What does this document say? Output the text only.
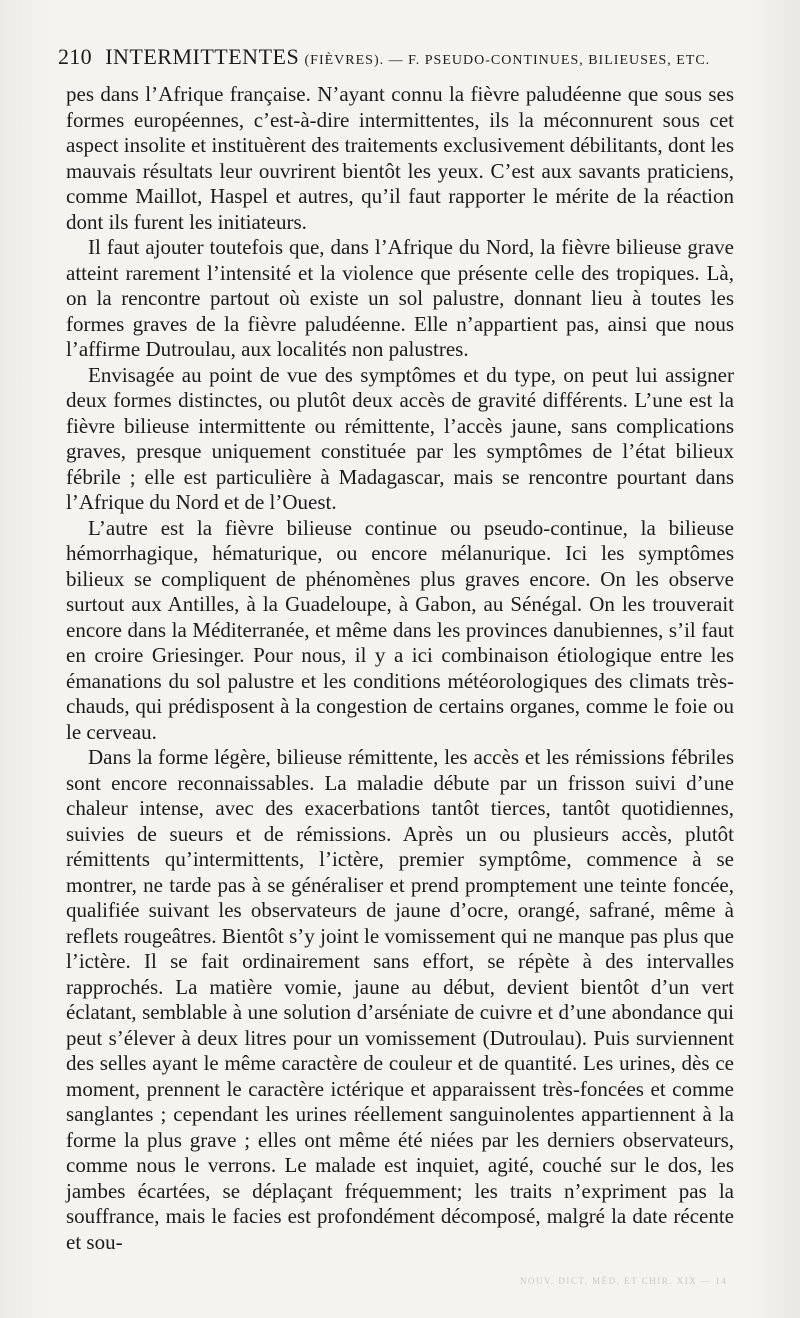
210 INTERMITTENTES (FIÈVRES). — F. PSEUDO-CONTINUES, BILIEUSES, ETC.

pes dans l’Afrique française. N’ayant connu la fièvre paludéenne que sous ses formes européennes, c’est-à-dire intermittentes, ils la méconnurent sous cet aspect insolite et instituèrent des traitements exclusivement débilitants, dont les mauvais résultats leur ouvrirent bientôt les yeux. C’est aux savants praticiens, comme Maillot, Haspel et autres, qu’il faut rapporter le mérite de la réaction dont ils furent les initiateurs.

Il faut ajouter toutefois que, dans l’Afrique du Nord, la fièvre bilieuse grave atteint rarement l’intensité et la violence que présente celle des tropiques. Là, on la rencontre partout où existe un sol palustre, donnant lieu à toutes les formes graves de la fièvre paludéenne. Elle n’appartient pas, ainsi que nous l’affirme Dutroulau, aux localités non palustres.

Envisagée au point de vue des symptômes et du type, on peut lui assigner deux formes distinctes, ou plutôt deux accès de gravité différents. L’une est la fièvre bilieuse intermittente ou rémittente, l’accès jaune, sans complications graves, presque uniquement constituée par les symptômes de l’état bilieux fébrile ; elle est particulière à Madagascar, mais se rencontre pourtant dans l’Afrique du Nord et de l’Ouest.

L’autre est la fièvre bilieuse continue ou pseudo-continue, la bilieuse hémorrhagique, hématurique, ou encore mélanurique. Ici les symptômes bilieux se compliquent de phénomènes plus graves encore. On les observe surtout aux Antilles, à la Guadeloupe, à Gabon, au Sénégal. On les trouverait encore dans la Méditerranée, et même dans les provinces danubiennes, s’il faut en croire Griesinger. Pour nous, il y a ici combinaison étiologique entre les émanations du sol palustre et les conditions météorologiques des climats très-chauds, qui prédisposent à la congestion de certains organes, comme le foie ou le cerveau.

Dans la forme légère, bilieuse rémittente, les accès et les rémissions fébriles sont encore reconnaissables. La maladie débute par un frisson suivi d’une chaleur intense, avec des exacerbations tantôt tierces, tantôt quotidiennes, suivies de sueurs et de rémissions. Après un ou plusieurs accès, plutôt rémittents qu’intermittents, l’ictère, premier symptôme, commence à se montrer, ne tarde pas à se généraliser et prend promptement une teinte foncée, qualifiée suivant les observateurs de jaune d’ocre, orangé, safrané, même à reflets rougeâtres. Bientôt s’y joint le vomissement qui ne manque pas plus que l’ictère. Il se fait ordinairement sans effort, se répète à des intervalles rapprochés. La matière vomie, jaune au début, devient bientôt d’un vert éclatant, semblable à une solution d’arséniate de cuivre et d’une abondance qui peut s’élever à deux litres pour un vomissement (Dutroulau). Puis surviennent des selles ayant le même caractère de couleur et de quantité. Les urines, dès ce moment, prennent le caractère ictérique et apparaissent très-foncées et comme sanglantes ; cependant les urines réellement sanguinolentes appartiennent à la forme la plus grave ; elles ont même été niées par les derniers observateurs, comme nous le verrons. Le malade est inquiet, agité, couché sur le dos, les jambes écartées, se déplaçant fréquemment; les traits n’expriment pas la souffrance, mais le facies est profondément décomposé, malgré la date récente et sou-

NOUV. DICT. MÉD. ET CHIR. XIX — 14
